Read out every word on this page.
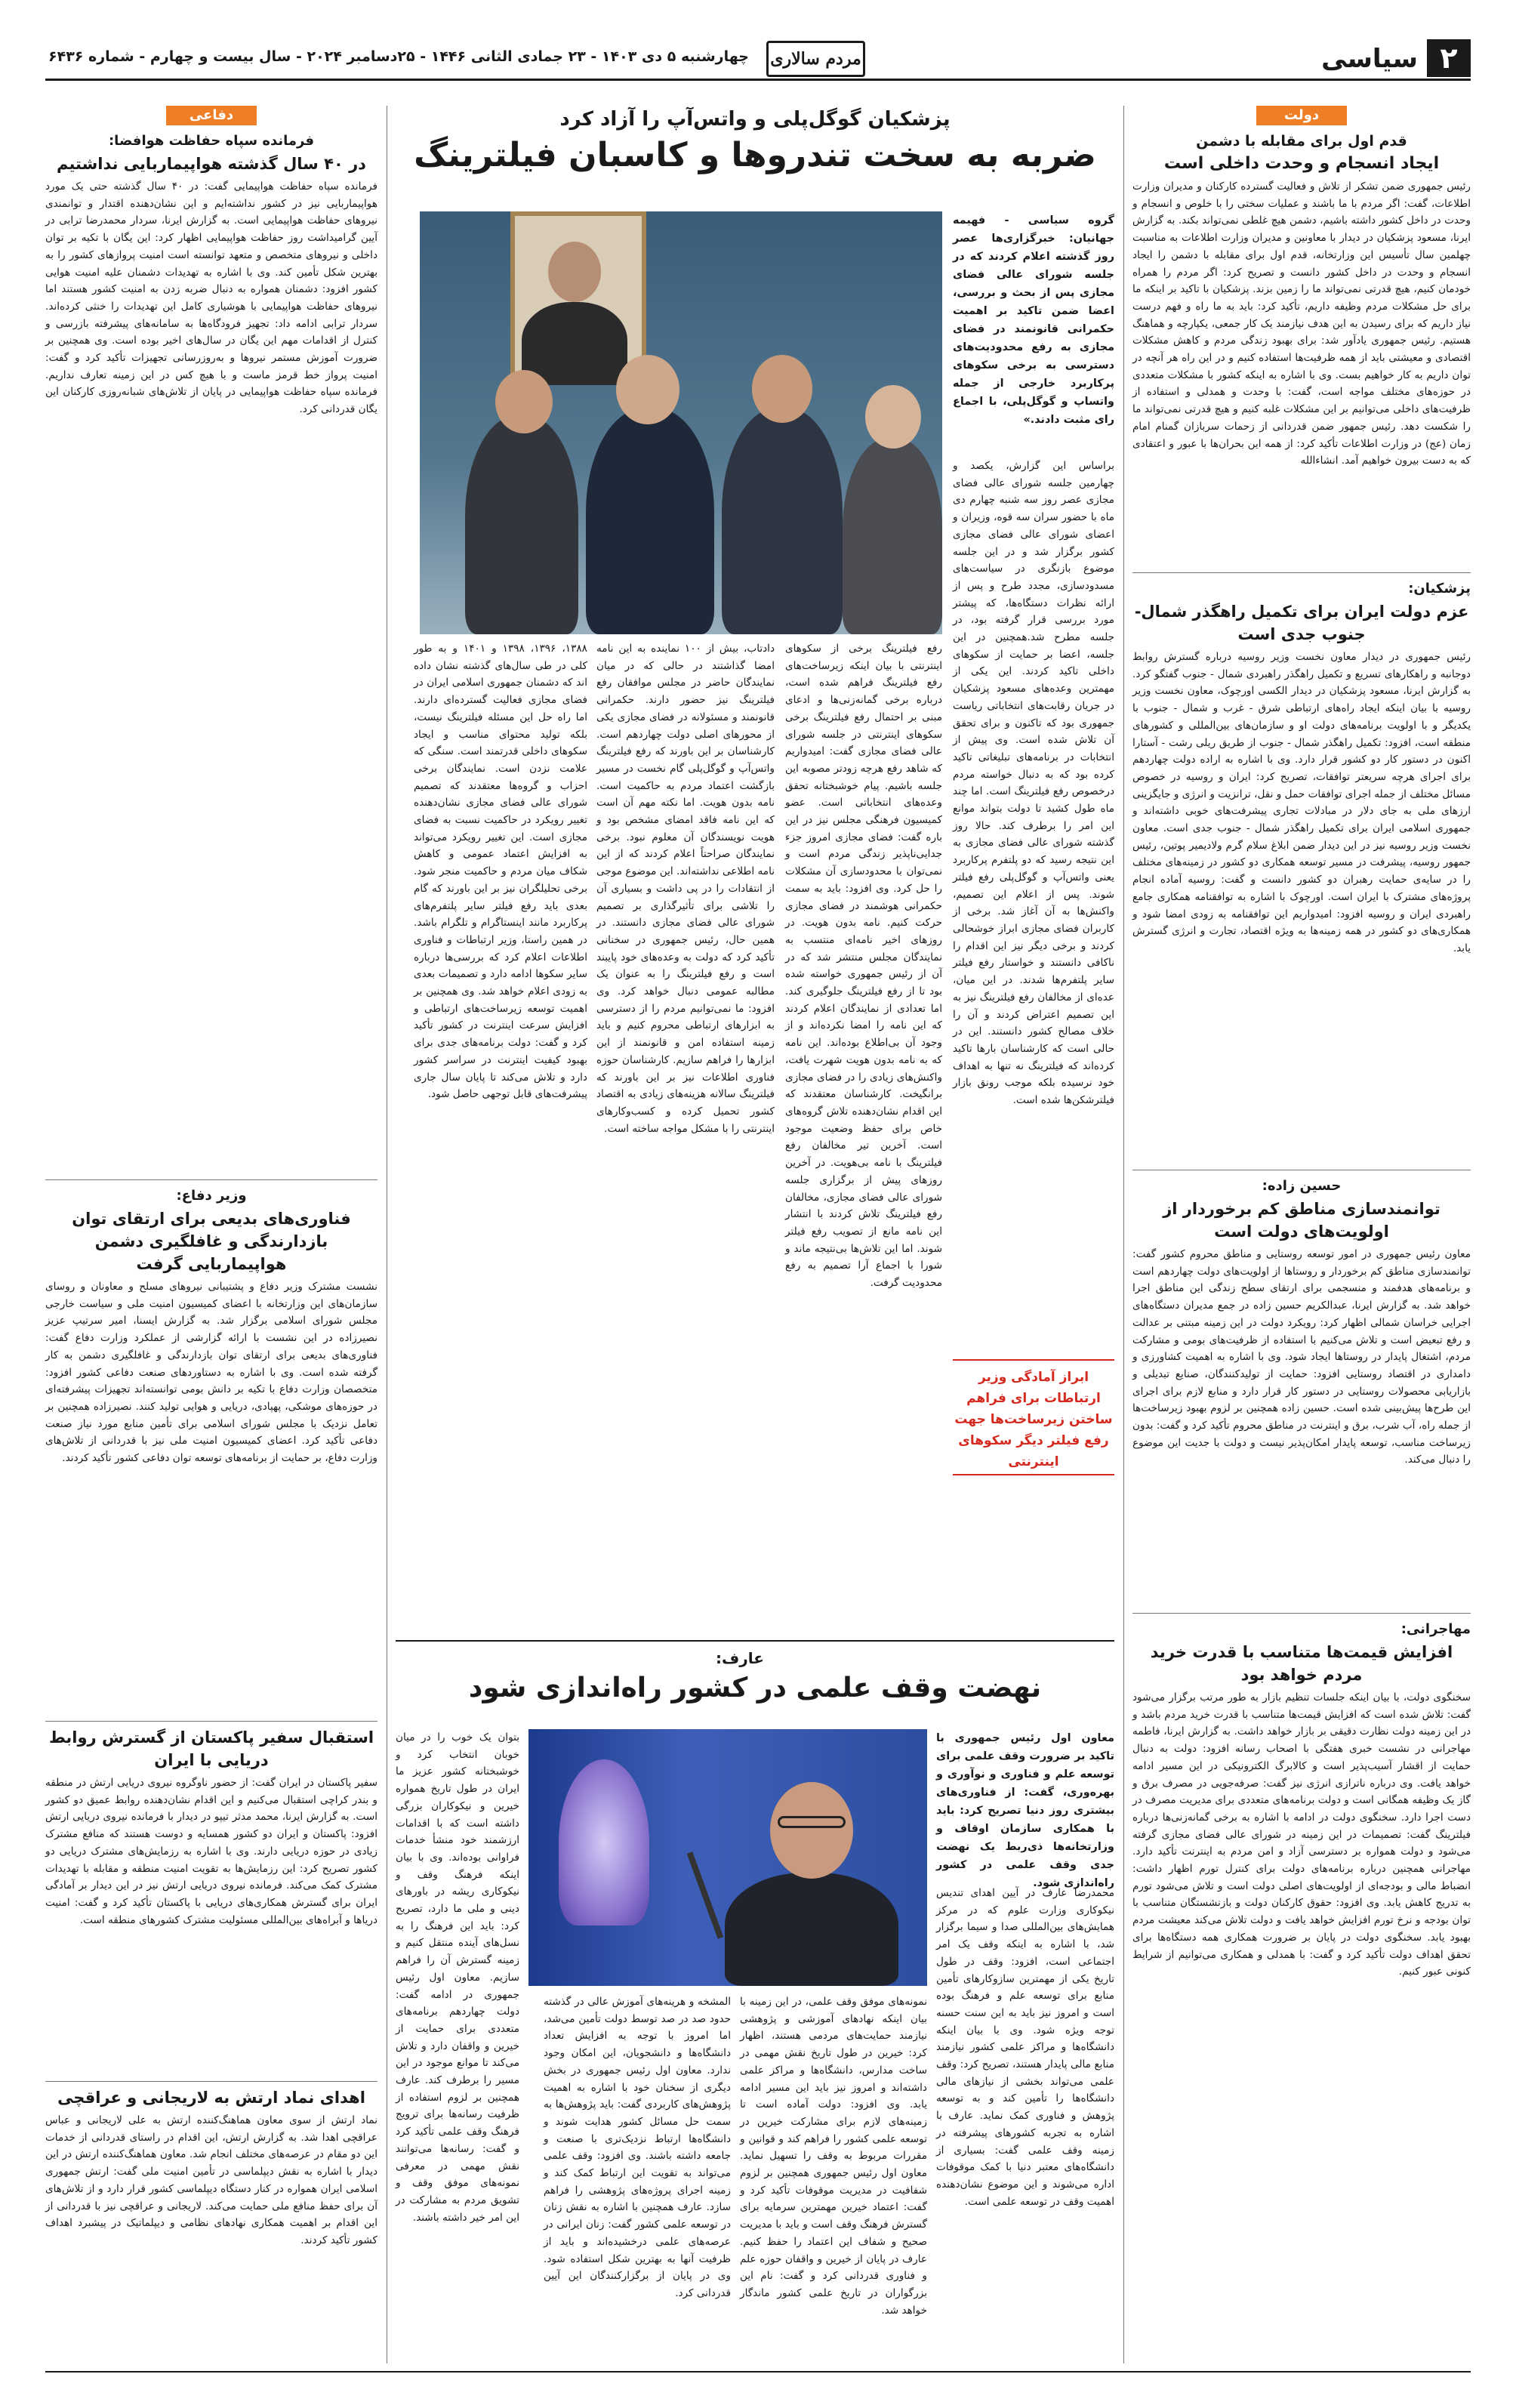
۲
سیاسی
مردم سالاری
چهارشنبه ۵ دی ۱۴۰۳ - ۲۳ جمادی الثانی ۱۴۴۶ - ۲۵دسامبر ۲۰۲۴ - سال بیست و چهارم - شماره ۶۴۳۶
دولت
قدم اول برای مقابله با دشمن
ایجاد انسجام و وحدت داخلی است
رئیس جمهوری ضمن تشکر از تلاش و فعالیت گسترده کارکنان و مدیران وزارت اطلاعات، گفت: اگر مردم با ما باشند و عملیات سختی را با خلوص و انسجام و وحدت در داخل کشور داشته باشیم، دشمن هیچ غلطی نمی‌تواند بکند. به گزارش ایرنا، مسعود پزشکیان در دیدار با معاونین و مدیران وزارت اطلاعات به مناسبت چهلمین سال تأسیس این وزارتخانه، قدم اول برای مقابله با دشمن را ایجاد انسجام و وحدت در داخل کشور دانست و تصریح کرد: اگر مردم را همراه خودمان کنیم، هیچ قدرتی نمی‌تواند ما را زمین بزند. پزشکیان با تاکید بر اینکه ما برای حل مشکلات مردم وظیفه داریم، تأکید کرد: باید به ما راه و فهم درست نیاز داریم که برای رسیدن به این هدف نیازمند یک کار جمعی، یکپارچه و هماهنگ هستیم. رئیس جمهوری یادآور شد: برای بهبود زندگی مردم و کاهش مشکلات اقتصادی و معیشتی باید از همه ظرفیت‌ها استفاده کنیم و در این راه هر آنچه در توان داریم به کار خواهیم بست. وی با اشاره به اینکه کشور با مشکلات متعددی در حوزه‌های مختلف مواجه است، گفت: با وحدت و همدلی و استفاده از ظرفیت‌های داخلی می‌توانیم بر این مشکلات غلبه کنیم و هیچ قدرتی نمی‌تواند ما را شکست دهد. رئیس جمهور ضمن قدردانی از زحمات سربازان گمنام امام زمان (عج) در وزارت اطلاعات تأکید کرد: از همه این بحران‌ها با عبور و اعتقادی که به دست بیرون خواهیم آمد. انشاءالله
پزشکیان:
عزم دولت ایران برای تکمیل راهگذر شمال-جنوب جدی است
رئیس جمهوری در دیدار معاون نخست وزیر روسیه درباره گسترش روابط دوجانبه و راهکارهای تسریع و تکمیل راهگذر راهبردی شمال - جنوب گفتگو کرد. به گزارش ایرنا، مسعود پزشکیان در دیدار الکسی اورچوک، معاون نخست وزیر روسیه با بیان اینکه ایجاد راه‌های ارتباطی شرق - غرب و شمال - جنوب با یکدیگر و با اولویت برنامه‌های دولت او و سازمان‌های بین‌المللی و کشورهای منطقه است، افزود: تکمیل راهگذر شمال - جنوب از طریق ریلی رشت - آستارا اکنون در دستور کار دو کشور قرار دارد. وی با اشاره به اراده دولت چهاردهم برای اجرای هرچه سریعتر توافقات، تصریح کرد: ایران و روسیه در خصوص مسائل مختلف از جمله اجرای توافقات حمل و نقل، ترانزیت و انرژی و جایگزینی ارزهای ملی به جای دلار در مبادلات تجاری پیشرفت‌های خوبی داشته‌اند و جمهوری اسلامی ایران برای تکمیل راهگذر شمال - جنوب جدی است. معاون نخست وزیر روسیه نیز در این دیدار ضمن ابلاغ سلام گرم ولادیمیر پوتین، رئیس جمهور روسیه، پیشرفت در مسیر توسعه همکاری دو کشور در زمینه‌های مختلف را در سایه‌ی حمایت رهبران دو کشور دانست و گفت: روسیه آماده انجام پروژه‌های مشترک با ایران است. اورچوک با اشاره به توافقنامه همکاری جامع راهبردی ایران و روسیه افزود: امیدواریم این توافقنامه به زودی امضا شود و همکاری‌های دو کشور در همه زمینه‌ها به ویژه اقتصاد، تجارت و انرژی گسترش یابد.
حسین زاده:
توانمندسازی مناطق کم برخوردار از اولویت‌های دولت است
معاون رئیس جمهوری در امور توسعه روستایی و مناطق محروم کشور گفت: توانمندسازی مناطق کم برخوردار و روستاها از اولویت‌های دولت چهاردهم است و برنامه‌های هدفمند و منسجمی برای ارتقای سطح زندگی این مناطق اجرا خواهد شد. به گزارش ایرنا، عبدالکریم حسین زاده در جمع مدیران دستگاه‌های اجرایی خراسان شمالی اظهار کرد: رویکرد دولت در این زمینه مبتنی بر عدالت و رفع تبعیض است و تلاش می‌کنیم با استفاده از ظرفیت‌های بومی و مشارکت مردم، اشتغال پایدار در روستاها ایجاد شود. وی با اشاره به اهمیت کشاورزی و دامداری در اقتصاد روستایی افزود: حمایت از تولیدکنندگان، صنایع تبدیلی و بازاریابی محصولات روستایی در دستور کار قرار دارد و منابع لازم برای اجرای این طرح‌ها پیش‌بینی شده است. حسین زاده همچنین بر لزوم بهبود زیرساخت‌ها از جمله راه، آب شرب، برق و اینترنت در مناطق محروم تأکید کرد و گفت: بدون زیرساخت مناسب، توسعه پایدار امکان‌پذیر نیست و دولت با جدیت این موضوع را دنبال می‌کند.
مهاجرانی:
افزایش قیمت‌ها متناسب با قدرت خرید مردم خواهد بود
سخنگوی دولت، با بیان اینکه جلسات تنظیم بازار به طور مرتب برگزار می‌شود گفت: تلاش شده است که افزایش قیمت‌ها متناسب با قدرت خرید مردم باشد و در این زمینه دولت نظارت دقیقی بر بازار خواهد داشت. به گزارش ایرنا، فاطمه مهاجرانی در نشست خبری هفتگی با اصحاب رسانه افزود: دولت به دنبال حمایت از اقشار آسیب‌پذیر است و کالابرگ الکترونیکی در این مسیر ادامه خواهد یافت. وی درباره ناترازی انرژی نیز گفت: صرفه‌جویی در مصرف برق و گاز یک وظیفه همگانی است و دولت برنامه‌های متعددی برای مدیریت مصرف در دست اجرا دارد. سخنگوی دولت در ادامه با اشاره به برخی گمانه‌زنی‌ها درباره فیلترینگ گفت: تصمیمات در این زمینه در شورای عالی فضای مجازی گرفته می‌شود و دولت همواره بر دسترسی آزاد و امن مردم به اینترنت تأکید دارد. مهاجرانی همچنین درباره برنامه‌های دولت برای کنترل تورم اظهار داشت: انضباط مالی و بودجه‌ای از اولویت‌های اصلی دولت است و تلاش می‌شود تورم به تدریج کاهش یابد. وی افزود: حقوق کارکنان دولت و بازنشستگان متناسب با توان بودجه و نرخ تورم افزایش خواهد یافت و دولت تلاش می‌کند معیشت مردم بهبود یابد. سخنگوی دولت در پایان بر ضرورت همکاری همه دستگاه‌ها برای تحقق اهداف دولت تأکید کرد و گفت: با همدلی و همکاری می‌توانیم از شرایط کنونی عبور کنیم.
دفاعی
فرمانده سپاه حفاظت هوافضا:
در ۴۰ سال گذشته هواپیماربایی نداشتیم
فرمانده سپاه حفاظت هواپیمایی گفت: در ۴۰ سال گذشته حتی یک مورد هواپیماربایی نیز در کشور نداشته‌ایم و این نشان‌دهنده اقتدار و توانمندی نیروهای حفاظت هواپیمایی است. به گزارش ایرنا، سردار محمدرضا ترابی در آیین گرامیداشت روز حفاظت هواپیمایی اظهار کرد: این یگان با تکیه بر توان داخلی و نیروهای متخصص و متعهد توانسته است امنیت پروازهای کشور را به بهترین شکل تأمین کند. وی با اشاره به تهدیدات دشمنان علیه امنیت هوایی کشور افزود: دشمنان همواره به دنبال ضربه زدن به امنیت کشور هستند اما نیروهای حفاظت هواپیمایی با هوشیاری کامل این تهدیدات را خنثی کرده‌اند. سردار ترابی ادامه داد: تجهیز فرودگاه‌ها به سامانه‌های پیشرفته بازرسی و کنترل از اقدامات مهم این یگان در سال‌های اخیر بوده است. وی همچنین بر ضرورت آموزش مستمر نیروها و به‌روزرسانی تجهیزات تأکید کرد و گفت: امنیت پرواز خط قرمز ماست و با هیچ کس در این زمینه تعارف نداریم. فرمانده سپاه حفاظت هواپیمایی در پایان از تلاش‌های شبانه‌روزی کارکنان این یگان قدردانی کرد.
وزیر دفاع:
فناوری‌های بدیعی برای ارتقای توان بازدارندگی و غافلگیری دشمن هواپیماربایی گرفت
نشست مشترک وزیر دفاع و پشتیبانی نیروهای مسلح و معاونان و روسای سازمان‌های این وزارتخانه با اعضای کمیسیون امنیت ملی و سیاست خارجی مجلس شورای اسلامی برگزار شد. به گزارش ایسنا، امیر سرتیپ عزیز نصیرزاده در این نشست با ارائه گزارشی از عملکرد وزارت دفاع گفت: فناوری‌های بدیعی برای ارتقای توان بازدارندگی و غافلگیری دشمن به کار گرفته شده است. وی با اشاره به دستاوردهای صنعت دفاعی کشور افزود: متخصصان وزارت دفاع با تکیه بر دانش بومی توانسته‌اند تجهیزات پیشرفته‌ای در حوزه‌های موشکی، پهپادی، دریایی و هوایی تولید کنند. نصیرزاده همچنین بر تعامل نزدیک با مجلس شورای اسلامی برای تأمین منابع مورد نیاز صنعت دفاعی تأکید کرد. اعضای کمیسیون امنیت ملی نیز با قدردانی از تلاش‌های وزارت دفاع، بر حمایت از برنامه‌های توسعه توان دفاعی کشور تأکید کردند.
استقبال سفیر پاکستان از گسترش روابط دریایی با ایران
سفیر پاکستان در ایران گفت: از حضور ناوگروه نیروی دریایی ارتش در منطقه و بندر کراچی استقبال می‌کنیم و این اقدام نشان‌دهنده روابط عمیق دو کشور است. به گزارش ایرنا، محمد مدثر تیپو در دیدار با فرمانده نیروی دریایی ارتش افزود: پاکستان و ایران دو کشور همسایه و دوست هستند که منافع مشترک زیادی در حوزه دریایی دارند. وی با اشاره به رزمایش‌های مشترک دریایی دو کشور تصریح کرد: این رزمایش‌ها به تقویت امنیت منطقه و مقابله با تهدیدات مشترک کمک می‌کند. فرمانده نیروی دریایی ارتش نیز در این دیدار بر آمادگی ایران برای گسترش همکاری‌های دریایی با پاکستان تأکید کرد و گفت: امنیت دریاها و آبراه‌های بین‌المللی مسئولیت مشترک کشورهای منطقه است.
اهدای نماد ارتش به لاریجانی و عراقچی
نماد ارتش از سوی معاون هماهنگ‌کننده ارتش به علی لاریجانی و عباس عراقچی اهدا شد. به گزارش ارتش، این اقدام در راستای قدردانی از خدمات این دو مقام در عرصه‌های مختلف انجام شد. معاون هماهنگ‌کننده ارتش در این دیدار با اشاره به نقش دیپلماسی در تأمین امنیت ملی گفت: ارتش جمهوری اسلامی ایران همواره در کنار دستگاه دیپلماسی کشور قرار دارد و از تلاش‌های آن برای حفظ منافع ملی حمایت می‌کند. لاریجانی و عراقچی نیز با قدردانی از این اقدام بر اهمیت همکاری نهادهای نظامی و دیپلماتیک در پیشبرد اهداف کشور تأکید کردند.
پزشکیان گوگل‌پلی و واتس‌آپ را آزاد کرد
ضربه به سخت تندروها و کاسبان فیلترینگ
گروه سیاسی - فهیمه جهانیان: خبرگزاری‌ها عصر روز گذشته اعلام کردند که در جلسه شورای عالی فضای مجازی پس از بحث و بررسی، اعضا ضمن تاکید بر اهمیت حکمرانی قانونمند در فضای مجازی به رفع محدودیت‌های دسترسی به برخی سکوهای پرکاربرد خارجی از جمله واتساپ و گوگل‌پلی، با اجماع رای مثبت دادند.»
براساس این گزارش، یکصد و چهارمین جلسه شورای عالی فضای مجازی عصر روز سه شنبه چهارم دی ماه با حضور سران سه قوه، وزیران و اعضای شورای عالی فضای مجازی کشور برگزار شد و در این جلسه موضوع بازنگری در سیاست‌های مسدودسازی، مجدد طرح و پس از ارائه نظرات دستگاه‌ها، که پیشتر مورد بررسی قرار گرفته بود، در جلسه مطرح شد.همچنین در این جلسه، اعضا بر حمایت از سکوهای داخلی تاکید کردند. این یکی از مهمترین وعده‌های مسعود پزشکیان در جریان رقابت‌های انتخاباتی ریاست جمهوری بود که تاکنون و برای تحقق آن تلاش شده است. وی پیش از انتخابات در برنامه‌های تبلیغاتی تاکید کرده بود که به دنبال خواسته مردم درخصوص رفع فیلترینگ است. اما چند ماه طول کشید تا دولت بتواند موانع این امر را برطرف کند. حالا روز گذشته شورای عالی فضای مجازی به این نتیجه رسید که دو پلتفرم پرکاربرد یعنی واتس‌آپ و گوگل‌پلی رفع فیلتر شوند. پس از اعلام این تصمیم، واکنش‌ها به آن آغاز شد. برخی از کاربران فضای مجازی ابراز خوشحالی کردند و برخی دیگر نیز این اقدام را ناکافی دانستند و خواستار رفع فیلتر سایر پلتفرم‌ها شدند. در این میان، عده‌ای از مخالفان رفع فیلترینگ نیز به این تصمیم اعتراض کردند و آن را خلاف مصالح کشور دانستند. این در حالی است که کارشناسان بارها تاکید کرده‌اند که فیلترینگ نه تنها به اهداف خود نرسیده بلکه موجب رونق بازار فیلترشکن‌ها شده است.
رفع فیلترینگ برخی از سکوهای اینترنتی با بیان اینکه زیرساخت‌های رفع فیلترینگ فراهم شده است، درباره برخی گمانه‌زنی‌ها و ادعای مبنی بر احتمال رفع فیلترینگ برخی سکوهای اینترنتی در جلسه شورای عالی فضای مجازی گفت: امیدواریم که شاهد رفع هرچه زودتر مصوبه این جلسه باشیم. پیام خوشبختانه تحقق وعده‌های انتخاباتی است. عضو کمیسیون فرهنگی مجلس نیز در این باره گفت: فضای مجازی امروز جزء جدایی‌ناپذیر زندگی مردم است و نمی‌توان با محدودسازی آن مشکلات را حل کرد. وی افزود: باید به سمت حکمرانی هوشمند در فضای مجازی حرکت کنیم. نامه بدون هویت. در روزهای اخیر نامه‌ای منتسب به نمایندگان مجلس منتشر شد که در آن از رئیس جمهوری خواسته شده بود تا از رفع فیلترینگ جلوگیری کند. اما تعدادی از نمایندگان اعلام کردند که این نامه را امضا نکرده‌اند و از وجود آن بی‌اطلاع بوده‌اند. این نامه که به نامه بدون هویت شهرت یافت، واکنش‌های زیادی را در فضای مجازی برانگیخت. کارشناسان معتقدند که این اقدام نشان‌دهنده تلاش گروه‌های خاص برای حفظ وضعیت موجود است. آخرین تیر مخالفان رفع فیلترینگ با نامه بی‌هویت. در آخرین روزهای پیش از برگزاری جلسه شورای عالی فضای مجازی، مخالفان رفع فیلترینگ تلاش کردند با انتشار این نامه مانع از تصویب رفع فیلتر شوند. اما این تلاش‌ها بی‌نتیجه ماند و شورا با اجماع آرا تصمیم به رفع محدودیت گرفت.
دادتاب، بیش از ۱۰۰ نماینده به این نامه امضا گذاشتند در حالی که در میان نمایندگان حاضر در مجلس موافقان رفع فیلترینگ نیز حضور دارند. حکمرانی قانونمند و مسئولانه در فضای مجازی یکی از محورهای اصلی دولت چهاردهم است. کارشناسان بر این باورند که رفع فیلترینگ واتس‌آپ و گوگل‌پلی گام نخست در مسیر بازگشت اعتماد مردم به حاکمیت است. نامه بدون هویت. اما نکته مهم آن است که این نامه فاقد امضای مشخص بود و هویت نویسندگان آن معلوم نبود. برخی نمایندگان صراحتاً اعلام کردند که از این نامه اطلاعی نداشته‌اند. این موضوع موجی از انتقادات را در پی داشت و بسیاری آن را تلاشی برای تأثیرگذاری بر تصمیم شورای عالی فضای مجازی دانستند. در همین حال، رئیس جمهوری در سخنانی تأکید کرد که دولت به وعده‌های خود پایبند است و رفع فیلترینگ را به عنوان یک مطالبه عمومی دنبال خواهد کرد. وی افزود: ما نمی‌توانیم مردم را از دسترسی به ابزارهای ارتباطی محروم کنیم و باید زمینه استفاده امن و قانونمند از این ابزارها را فراهم سازیم. کارشناسان حوزه فناوری اطلاعات نیز بر این باورند که فیلترینگ سالانه هزینه‌های زیادی به اقتصاد کشور تحمیل کرده و کسب‌وکارهای اینترنتی را با مشکل مواجه ساخته است.
۱۳۸۸، ۱۳۹۶، ۱۳۹۸ و ۱۴۰۱ و به طور کلی در طی سال‌های گذشته نشان داده اند که دشمنان جمهوری اسلامی ایران در فضای مجازی فعالیت گسترده‌ای دارند. اما راه حل این مسئله فیلترینگ نیست، بلکه تولید محتوای مناسب و ایجاد سکوهای داخلی قدرتمند است. سنگی که علامت نزدن است. نمایندگان برخی احزاب و گروه‌ها معتقدند که تصمیم شورای عالی فضای مجازی نشان‌دهنده تغییر رویکرد در حاکمیت نسبت به فضای مجازی است. این تغییر رویکرد می‌تواند به افزایش اعتماد عمومی و کاهش شکاف میان مردم و حاکمیت منجر شود. برخی تحلیلگران نیز بر این باورند که گام بعدی باید رفع فیلتر سایر پلتفرم‌های پرکاربرد مانند اینستاگرام و تلگرام باشد. در همین راستا، وزیر ارتباطات و فناوری اطلاعات اعلام کرد که بررسی‌ها درباره سایر سکوها ادامه دارد و تصمیمات بعدی به زودی اعلام خواهد شد. وی همچنین بر اهمیت توسعه زیرساخت‌های ارتباطی و افزایش سرعت اینترنت در کشور تأکید کرد و گفت: دولت برنامه‌های جدی برای بهبود کیفیت اینترنت در سراسر کشور دارد و تلاش می‌کند تا پایان سال جاری پیشرفت‌های قابل توجهی حاصل شود.
ابراز آمادگی وزیر ارتباطات برای فراهم ساختن زیرساخت‌ها جهت رفع فیلتر دیگر سکوهای اینترنتی
عارف:
نهضت وقف علمی در کشور راه‌اندازی شود
معاون اول رئیس جمهوری با تاکید بر ضرورت وقف علمی برای توسعه علم و فناوری و نوآوری و بهره‌وری، گفت: از فناوری‌های بیشتری روز دنیا تصریح کرد: باید با همکاری سازمان اوقاف و وزارتخانه‌ها ذی‌ربط یک نهضت جدی وقف علمی در کشور راه‌اندازی شود.
محمدرضا عارف در آیین اهدای تندیس نیکوکاری وزارت علوم که در مرکز همایش‌های بین‌المللی صدا و سیما برگزار شد، با اشاره به اینکه وقف یک امر اجتماعی است، افزود: وقف در طول تاریخ یکی از مهمترین سازوکارهای تأمین منابع برای توسعه علم و فرهنگ بوده است و امروز نیز باید به این سنت حسنه توجه ویژه شود. وی با بیان اینکه دانشگاه‌ها و مراکز علمی کشور نیازمند منابع مالی پایدار هستند، تصریح کرد: وقف علمی می‌تواند بخشی از نیازهای مالی دانشگاه‌ها را تأمین کند و به توسعه پژوهش و فناوری کمک نماید. عارف با اشاره به تجربه کشورهای پیشرفته در زمینه وقف علمی گفت: بسیاری از دانشگاه‌های معتبر دنیا با کمک موقوفات اداره می‌شوند و این موضوع نشان‌دهنده اهمیت وقف در توسعه علمی است.
نمونه‌های موفق وقف علمی، در این زمینه با بیان اینکه نهادهای آموزشی و پژوهشی نیازمند حمایت‌های مردمی هستند، اظهار کرد: خیرین در طول تاریخ نقش مهمی در ساخت مدارس، دانشگاه‌ها و مراکز علمی داشته‌اند و امروز نیز باید این مسیر ادامه یابد. وی افزود: دولت آماده است تا زمینه‌های لازم برای مشارکت خیرین در توسعه علمی کشور را فراهم کند و قوانین و مقررات مربوط به وقف را تسهیل نماید. معاون اول رئیس جمهوری همچنین بر لزوم شفافیت در مدیریت موقوفات تأکید کرد و گفت: اعتماد خیرین مهمترین سرمایه برای گسترش فرهنگ وقف است و باید با مدیریت صحیح و شفاف این اعتماد را حفظ کنیم. عارف در پایان از خیرین و واقفان حوزه علم و فناوری قدردانی کرد و گفت: نام این بزرگواران در تاریخ علمی کشور ماندگار خواهد شد.
المشخه و هرینه‌های آموزش عالی در گذشته حدود صد در صد توسط دولت تأمین می‌شد، اما امروز با توجه به افزایش تعداد دانشگاه‌ها و دانشجویان، این امکان وجود ندارد. معاون اول رئیس جمهوری در بخش دیگری از سخنان خود با اشاره به اهمیت پژوهش‌های کاربردی گفت: باید پژوهش‌ها به سمت حل مسائل کشور هدایت شوند و دانشگاه‌ها ارتباط نزدیک‌تری با صنعت و جامعه داشته باشند. وی افزود: وقف علمی می‌تواند به تقویت این ارتباط کمک کند و زمینه اجرای پروژه‌های پژوهشی را فراهم سازد. عارف همچنین با اشاره به نقش زنان در توسعه علمی کشور گفت: زنان ایرانی در عرصه‌های علمی درخشیده‌اند و باید از ظرفیت آنها به بهترین شکل استفاده شود. وی در پایان از برگزارکنندگان این آیین قدردانی کرد.
بتوان یک خوب را در میان خوبان انتخاب کرد و خوشبختانه کشور عزیز ما ایران در طول تاریخ همواره خیرین و نیکوکاران بزرگی داشته است که با اقدامات ارزشمند خود منشأ خدمات فراوانی بوده‌اند. وی با بیان اینکه فرهنگ وقف و نیکوکاری ریشه در باورهای دینی و ملی ما دارد، تصریح کرد: باید این فرهنگ را به نسل‌های آینده منتقل کنیم و زمینه گسترش آن را فراهم سازیم. معاون اول رئیس جمهوری در ادامه گفت: دولت چهاردهم برنامه‌های متعددی برای حمایت از خیرین و واقفان دارد و تلاش می‌کند تا موانع موجود در این مسیر را برطرف کند. عارف همچنین بر لزوم استفاده از ظرفیت رسانه‌ها برای ترویج فرهنگ وقف علمی تأکید کرد و گفت: رسانه‌ها می‌توانند نقش مهمی در معرفی نمونه‌های موفق وقف و تشویق مردم به مشارکت در این امر خیر داشته باشند.
